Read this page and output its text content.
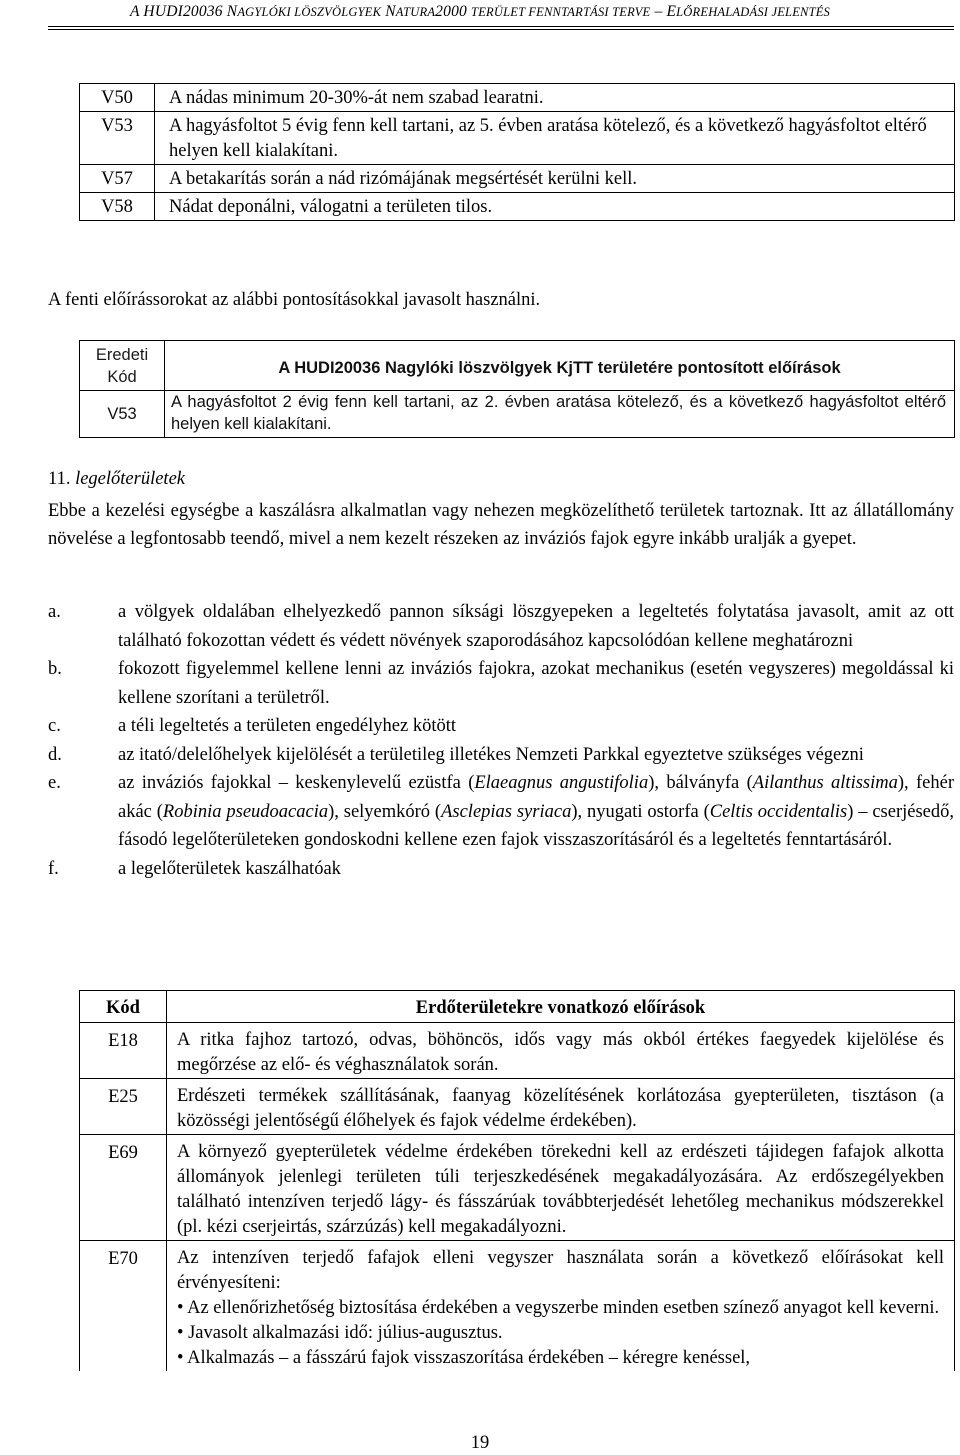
A HUDI20036 NAGYLÓKI LÖSZVÖLGYEK NATURA2000 TERÜLET FENNTARTÁSI TERVE – ELŐREHALADÁSI JELENTÉS
V50	A nádas minimum 20-30%-át nem szabad learatni.
V53	A hagyásfoltot 5 évig fenn kell tartani, az 5. évben aratása kötelező, és a következő hagyásfoltot eltérő helyen kell kialakítani.
V57	A betakarítás során a nád rizómájának megsértését kerülni kell.
V58	Nádat deponálni, válogatni a területen tilos.
A fenti előírássorokat az alábbi pontosításokkal javasolt használni.
Eredeti
Kód	A HUDI20036 Nagylóki löszvölgyek KjTT területére pontosított előírások
V53	A hagyásfoltot 2 évig fenn kell tartani, az 2. évben aratása kötelező, és a következő hagyásfoltot eltérő helyen kell kialakítani.
11. legelőterületek
Ebbe a kezelési egységbe a kaszálásra alkalmatlan vagy nehezen megközelíthető területek tartoznak. Itt az állatállomány növelése a legfontosabb teendő, mivel a nem kezelt részeken az inváziós fajok egyre inkább uralják a gyepet.
a.	a völgyek oldalában elhelyezkedő pannon síksági löszgyepeken a legeltetés folytatása javasolt, amit az ott található fokozottan védett és védett növények szaporodásához kapcsolódóan kellene meghatározni
b.	fokozott figyelemmel kellene lenni az inváziós fajokra, azokat mechanikus (esetén vegyszeres) megoldással ki kellene szorítani a területről.
c.	a téli legeltetés a területen engedélyhez kötött
d.	az itató/delelőhelyek kijelölését a területileg illetékes Nemzeti Parkkal egyeztetve szükséges végezni
e.	az inváziós fajokkal – keskenylevelű ezüstfa (Elaeagnus angustifolia), bálványfa (Ailanthus altissima), fehér akác (Robinia pseudoacacia), selyemkóró (Asclepias syriaca), nyugati ostorfa (Celtis occidentalis) – cserjésedő, fásodó legelőterületeken gondoskodni kellene ezen fajok visszaszorításáról és a legeltetés fenntartásáról.
f.	a legelőterületek kaszálhatóak
Kód	Erdőterületekre vonatkozó előírások
E18	A ritka fajhoz tartozó, odvas, böhöncös, idős vagy más okból értékes faegyedek kijelölése és megőrzése az elő- és véghasználatok során.
E25	Erdészeti termékek szállításának, faanyag közelítésének korlátozása gyepterületen, tisztáson (a közösségi jelentőségű élőhelyek és fajok védelme érdekében).
E69	A környező gyepterületek védelme érdekében törekedni kell az erdészeti tájidegen fafajok alkotta állományok jelenlegi területen túli terjeszkedésének megakadályozására. Az erdőszegélyekben található intenzíven terjedő lágy- és fásszárúak továbbterjedését lehetőleg mechanikus módszerekkel (pl. kézi cserjeirtás, szárzúzás) kell megakadályozni.
E70	Az intenzíven terjedő fafajok elleni vegyszer használata során a következő előírásokat kell érvényesíteni:
• Az ellenőrizhetőség biztosítása érdekében a vegyszerbe minden esetben színező anyagot kell keverni.
• Javasolt alkalmazási idő: július-augusztus.
• Alkalmazás – a fásszárú fajok visszaszorítása érdekében – kéregre kenéssel,
19
